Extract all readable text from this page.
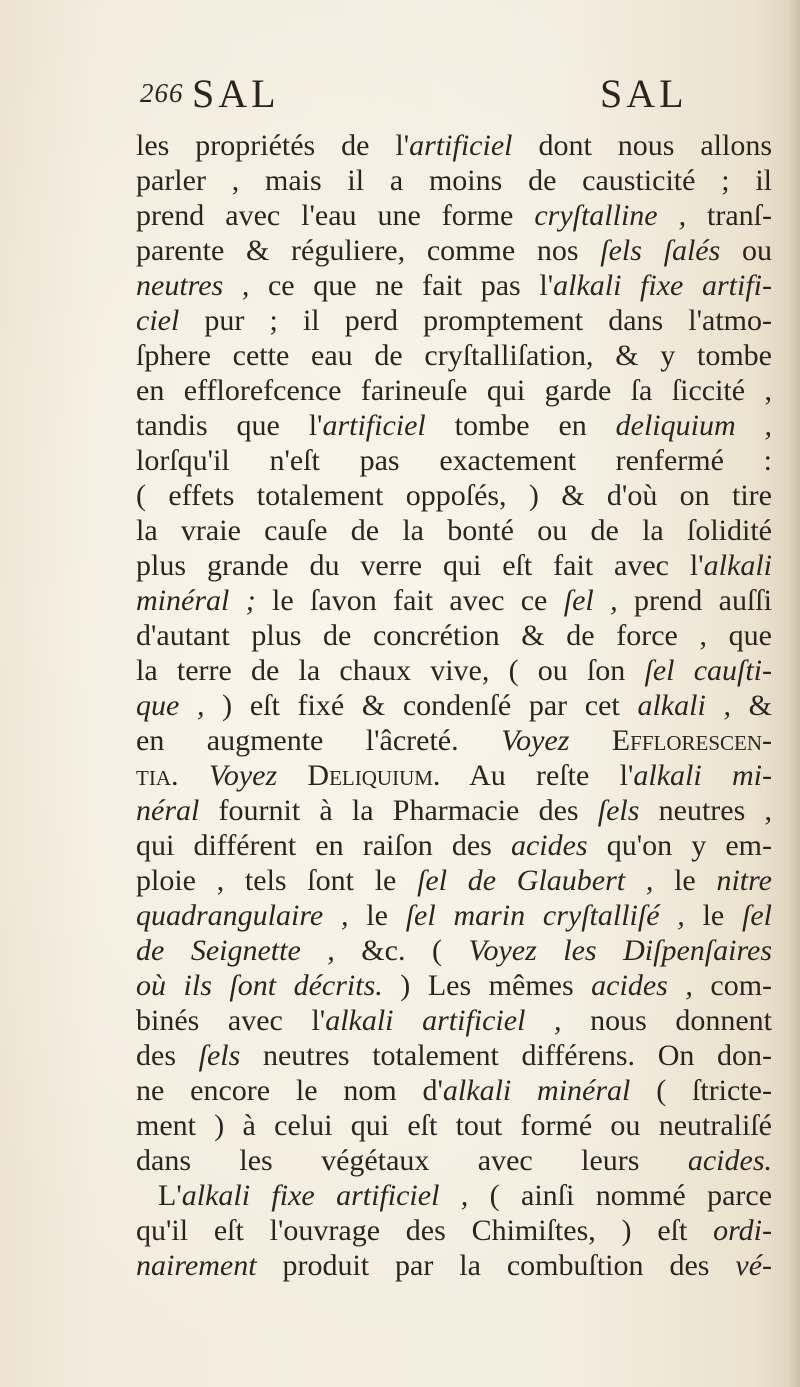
266 SAL	SAL
les propriétés de l'artificiel dont nous allons
parler , mais il a moins de causticité ; il
prend avec l'eau une forme cryſtalline , tranſ-
parente & réguliere, comme nos ſels ſalés ou
neutres , ce que ne fait pas l'alkali fixe artifi-
ciel pur ; il perd promptement dans l'atmo-
ſphere cette eau de cryſtalliſation, & y tombe
en efflorefcence farineuſe qui garde ſa ſiccité ,
tandis que l'artificiel tombe en deliquium ,
lorſqu'il n'eſt pas exactement renfermé :
( effets totalement oppoſés, ) & d'où on tire
la vraie cauſe de la bonté ou de la ſolidité
plus grande du verre qui eſt fait avec l'alkali
minéral ; le ſavon fait avec ce ſel , prend auſſi
d'autant plus de concrétion & de force , que
la terre de la chaux vive, ( ou ſon ſel cauſti-
que , ) eſt fixé & condenſé par cet alkali , &
en augmente l'âcreté. Voyez Efflorescen-
tia. Voyez Deliquium. Au reſte l'alkali mi-
néral fournit à la Pharmacie des ſels neutres ,
qui différent en raiſon des acides qu'on y em-
ploie , tels ſont le ſel de Glaubert , le nitre
quadrangulaire , le ſel marin cryſtalliſé , le ſel
de Seignette , &c. ( Voyez les Diſpenſaires
où ils ſont décrits. ) Les mêmes acides , com-
binés avec l'alkali artificiel , nous donnent
des ſels neutres totalement différens. On don-
ne encore le nom d'alkali minéral ( ſtricte-
ment ) à celui qui eſt tout formé ou neutraliſé
dans les végétaux avec leurs acides.
L'alkali fixe artificiel , ( ainſi nommé parce
qu'il eſt l'ouvrage des Chimiſtes, ) eſt ordi-
nairement produit par la combuſtion des vé-
